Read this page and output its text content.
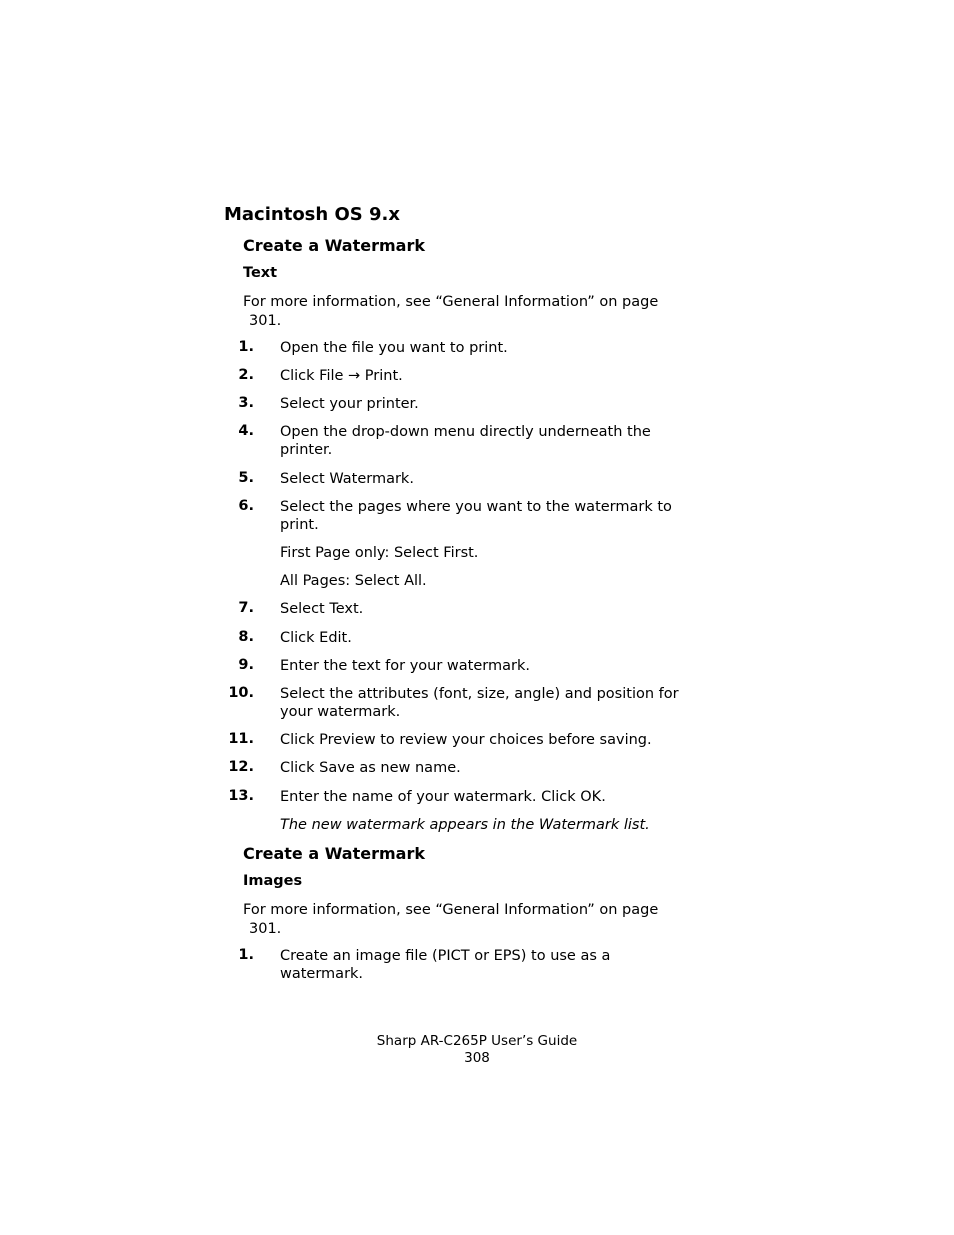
Macintosh OS 9.x
Create a Watermark
Text
For more information, see “General Information” on page
301.
1. Open the file you want to print.
2. Click File → Print.
3. Select your printer.
4. Open the drop-down menu directly underneath the
printer.
5. Select Watermark.
6. Select the pages where you want to the watermark to
print.
First Page only: Select First.
All Pages: Select All.
7. Select Text.
8. Click Edit.
9. Enter the text for your watermark.
10. Select the attributes (font, size, angle) and position for
your watermark.
11. Click Preview to review your choices before saving.
12. Click Save as new name.
13. Enter the name of your watermark. Click OK.
The new watermark appears in the Watermark list.
Create a Watermark
Images
For more information, see “General Information” on page
301.
1. Create an image file (PICT or EPS) to use as a
watermark.
Sharp AR-C265P User’s Guide
308
